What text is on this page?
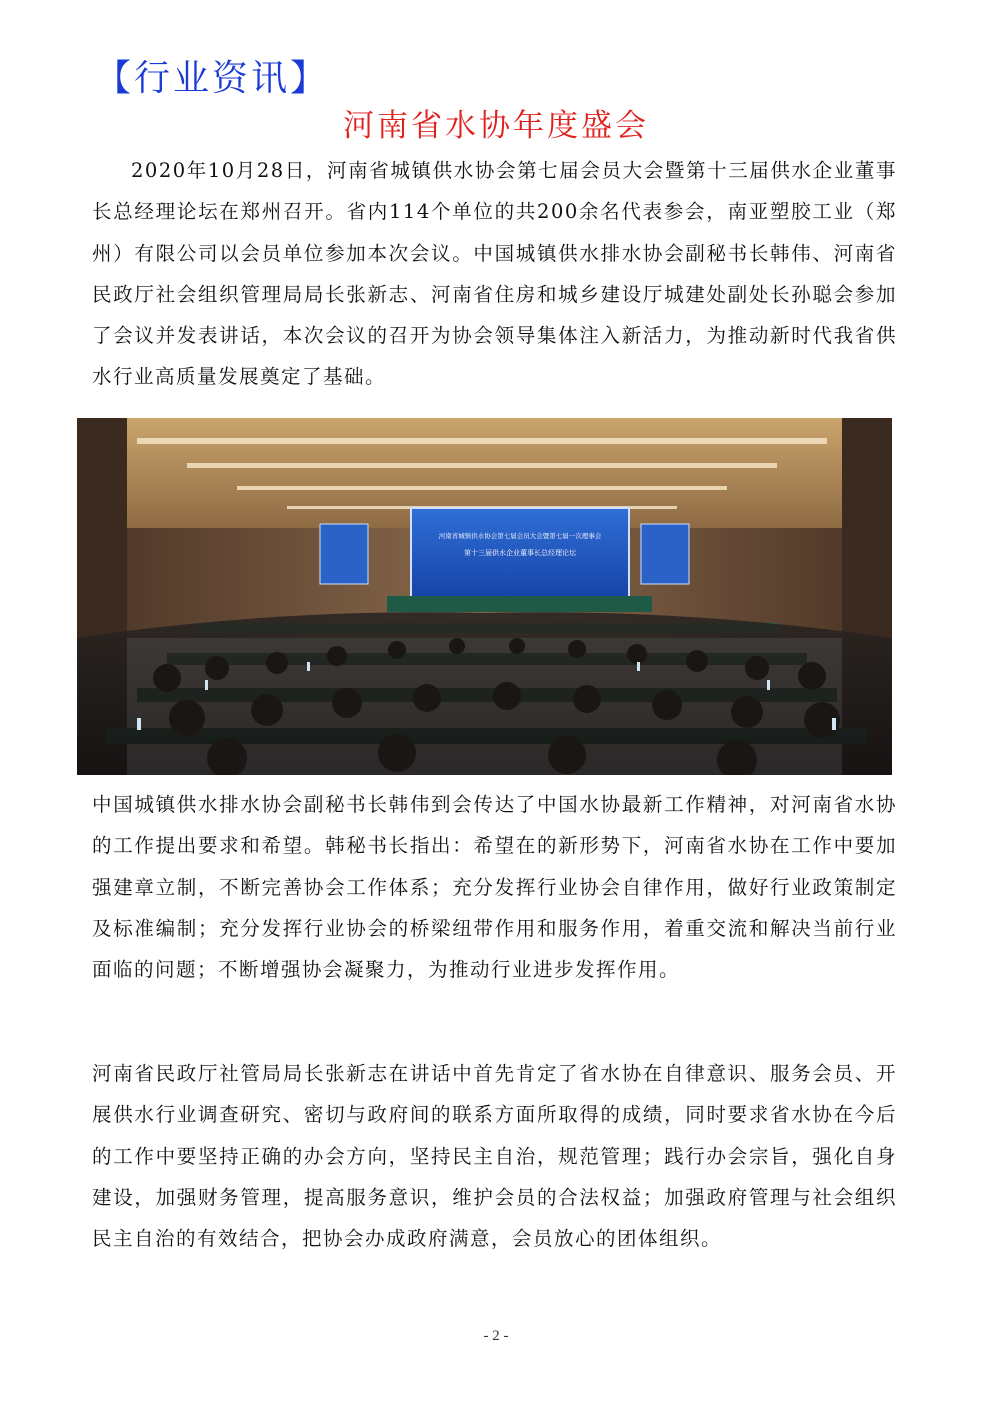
【行业资讯】
河南省水协年度盛会
2020年10月28日，河南省城镇供水协会第七届会员大会暨第十三届供水企业董事长总经理论坛在郑州召开。省内114个单位的共200余名代表参会，南亚塑胶工业（郑州）有限公司以会员单位参加本次会议。中国城镇供水排水协会副秘书长韩伟、河南省民政厅社会组织管理局局长张新志、河南省住房和城乡建设厅城建处副处长孙聪会参加了会议并发表讲话，本次会议的召开为协会领导集体注入新活力，为推动新时代我省供水行业高质量发展奠定了基础。
河南省城镇供水协会第七届会员大会暨第七届一次理事会
第十三届供水企业董事长总经理论坛
中国城镇供水排水协会副秘书长韩伟到会传达了中国水协最新工作精神，对河南省水协的工作提出要求和希望。韩秘书长指出：希望在的新形势下，河南省水协在工作中要加强建章立制，不断完善协会工作体系；充分发挥行业协会自律作用，做好行业政策制定及标准编制；充分发挥行业协会的桥梁纽带作用和服务作用，着重交流和解决当前行业面临的问题；不断增强协会凝聚力，为推动行业进步发挥作用。
河南省民政厅社管局局长张新志在讲话中首先肯定了省水协在自律意识、服务会员、开展供水行业调查研究、密切与政府间的联系方面所取得的成绩，同时要求省水协在今后的工作中要坚持正确的办会方向，坚持民主自治，规范管理；践行办会宗旨，强化自身建设，加强财务管理，提高服务意识，维护会员的合法权益；加强政府管理与社会组织民主自治的有效结合，把协会办成政府满意，会员放心的团体组织。
- 2 -
